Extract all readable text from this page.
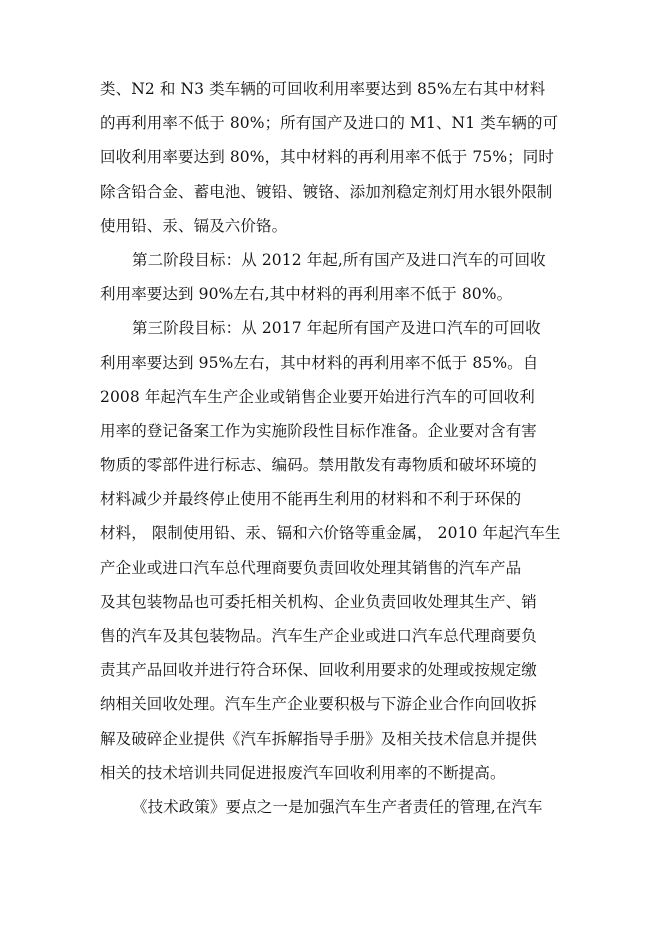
类、N2 和 N3 类车辆的可回收利用率要达到 85%左右其中材料
的再利用率不低于 80%；所有国产及进口的 M1、N1 类车辆的可
回收利用率要达到 80%，其中材料的再利用率不低于 75%；同时
除含铅合金、蓄电池、镀铅、镀铬、添加剂稳定剂灯用水银外限制
使用铅、汞、镉及六价铬。
第二阶段目标：从 2012 年起,所有国产及进口汽车的可回收
利用率要达到 90%左右,其中材料的再利用率不低于 80%。
第三阶段目标：从 2017 年起所有国产及进口汽车的可回收
利用率要达到 95%左右，其中材料的再利用率不低于 85%。自
2008 年起汽车生产企业或销售企业要开始进行汽车的可回收利
用率的登记备案工作为实施阶段性目标作准备。企业要对含有害
物质的零部件进行标志、编码。禁用散发有毒物质和破坏环境的
材料减少并最终停止使用不能再生利用的材料和不利于环保的
材料， 限制使用铅、汞、镉和六价铬等重金属， 2010 年起汽车生
产企业或进口汽车总代理商要负责回收处理其销售的汽车产品
及其包装物品也可委托相关机构、企业负责回收处理其生产、销
售的汽车及其包装物品。汽车生产企业或进口汽车总代理商要负
责其产品回收并进行符合环保、回收利用要求的处理或按规定缴
纳相关回收处理。汽车生产企业要积极与下游企业合作向回收拆
解及破碎企业提供《汽车拆解指导手册》及相关技术信息并提供
相关的技术培训共同促进报废汽车回收利用率的不断提高。
《技术政策》要点之一是加强汽车生产者责任的管理,在汽车
